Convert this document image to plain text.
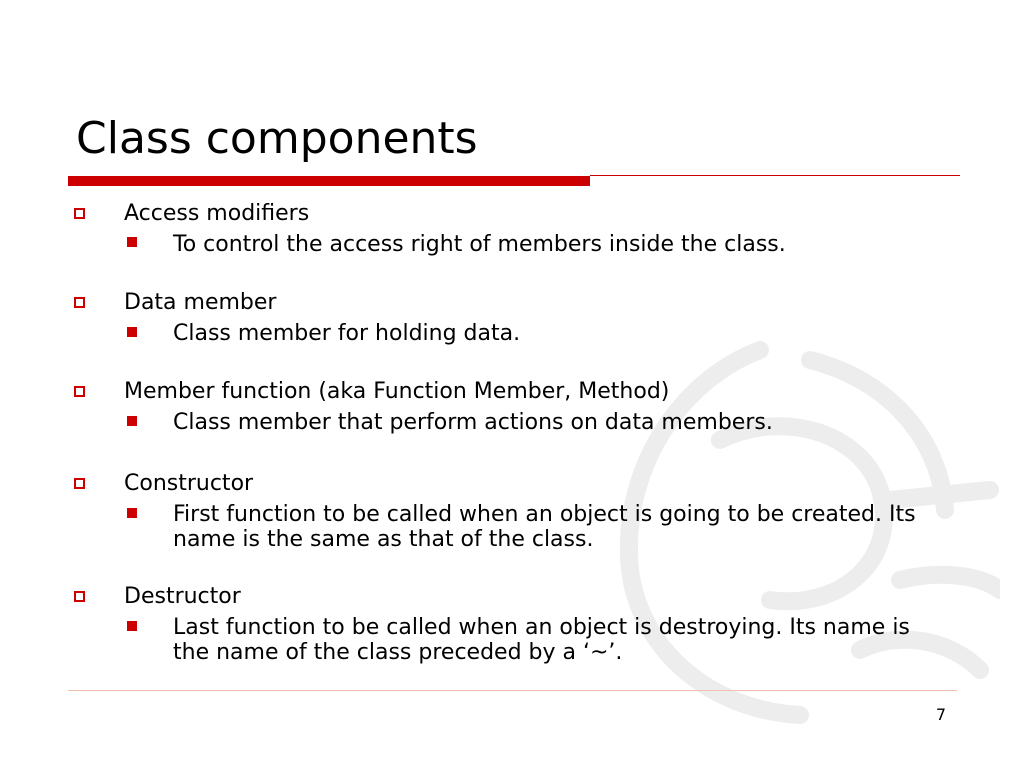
Class components
Access modifiers
To control the access right of members inside the class.
Data member
Class member for holding data.
Member function (aka Function Member, Method)
Class member that perform actions on data members.
Constructor
First function to be called when an object is going to be created. Its name is the same as that of the class.
Destructor
Last function to be called when an object is destroying. Its name is the name of the class preceded by a ‘~’.
7
